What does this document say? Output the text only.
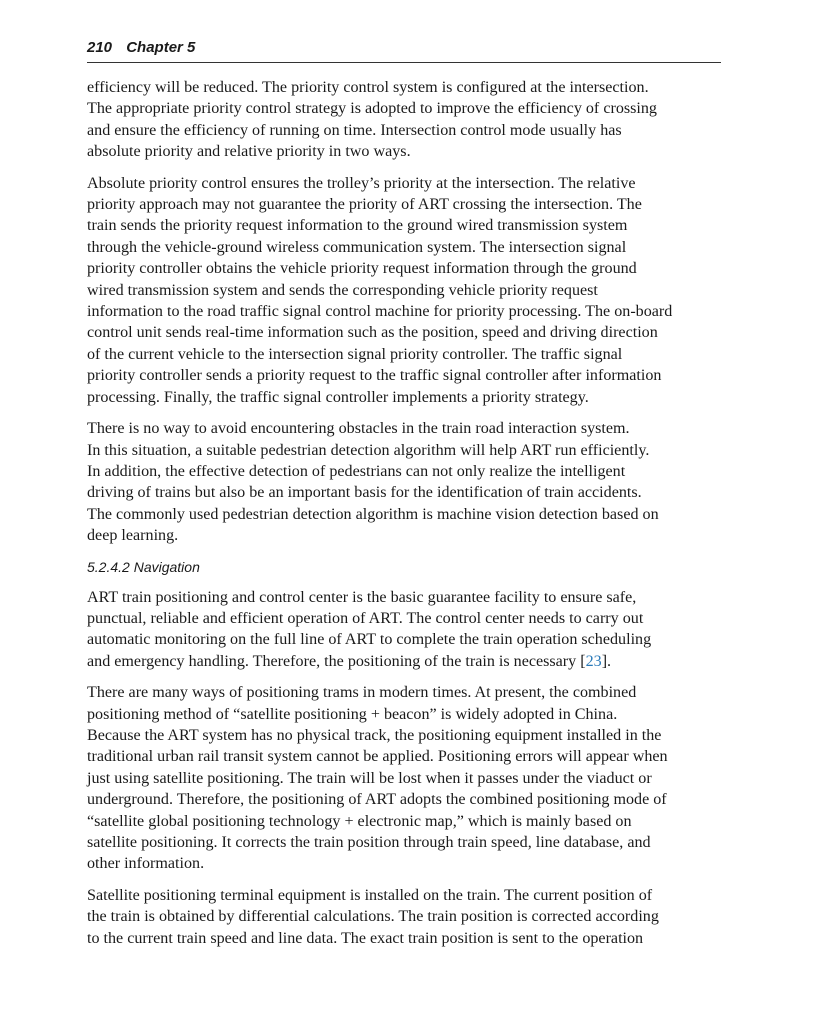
210 Chapter 5
efficiency will be reduced. The priority control system is configured at the intersection.
The appropriate priority control strategy is adopted to improve the efficiency of crossing
and ensure the efficiency of running on time. Intersection control mode usually has
absolute priority and relative priority in two ways.
Absolute priority control ensures the trolley’s priority at the intersection. The relative
priority approach may not guarantee the priority of ART crossing the intersection. The
train sends the priority request information to the ground wired transmission system
through the vehicle-ground wireless communication system. The intersection signal
priority controller obtains the vehicle priority request information through the ground
wired transmission system and sends the corresponding vehicle priority request
information to the road traffic signal control machine for priority processing. The on-board
control unit sends real-time information such as the position, speed and driving direction
of the current vehicle to the intersection signal priority controller. The traffic signal
priority controller sends a priority request to the traffic signal controller after information
processing. Finally, the traffic signal controller implements a priority strategy.
There is no way to avoid encountering obstacles in the train road interaction system.
In this situation, a suitable pedestrian detection algorithm will help ART run efficiently.
In addition, the effective detection of pedestrians can not only realize the intelligent
driving of trains but also be an important basis for the identification of train accidents.
The commonly used pedestrian detection algorithm is machine vision detection based on
deep learning.
5.2.4.2 Navigation
ART train positioning and control center is the basic guarantee facility to ensure safe,
punctual, reliable and efficient operation of ART. The control center needs to carry out
automatic monitoring on the full line of ART to complete the train operation scheduling
and emergency handling. Therefore, the positioning of the train is necessary [23].
There are many ways of positioning trams in modern times. At present, the combined
positioning method of “satellite positioning + beacon” is widely adopted in China.
Because the ART system has no physical track, the positioning equipment installed in the
traditional urban rail transit system cannot be applied. Positioning errors will appear when
just using satellite positioning. The train will be lost when it passes under the viaduct or
underground. Therefore, the positioning of ART adopts the combined positioning mode of
“satellite global positioning technology + electronic map,” which is mainly based on
satellite positioning. It corrects the train position through train speed, line database, and
other information.
Satellite positioning terminal equipment is installed on the train. The current position of
the train is obtained by differential calculations. The train position is corrected according
to the current train speed and line data. The exact train position is sent to the operation
